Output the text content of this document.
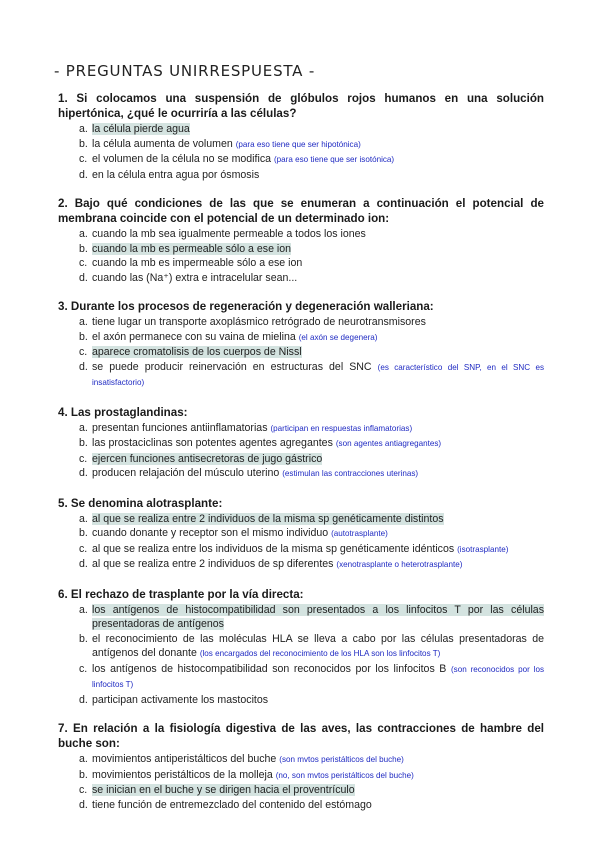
- PREGUNTAS UNIRRESPUESTA -
1. Si colocamos una suspensión de glóbulos rojos humanos en una solución hipertónica, ¿qué le ocurriría a las células?
a. la célula pierde agua
b. la célula aumenta de volumen (para eso tiene que ser hipotónica)
c. el volumen de la célula no se modifica (para eso tiene que ser isotónica)
d. en la célula entra agua por ósmosis
2. Bajo qué condiciones de las que se enumeran a continuación el potencial de membrana coincide con el potencial de un determinado ion:
a. cuando la mb sea igualmente permeable a todos los iones
b. cuando la mb es permeable sólo a ese ion
c. cuando la mb es impermeable sólo a ese ion
d. cuando las (Na⁺) extra e intracelular sean...
3. Durante los procesos de regeneración y degeneración walleriana:
a. tiene lugar un transporte axoplásmico retrógrado de neurotransmisores
b. el axón permanece con su vaina de mielina (el axón se degenera)
c. aparece cromatolisis de los cuerpos de Nissl
d. se puede producir reinervación en estructuras del SNC (es característico del SNP, en el SNC es insatisfactorio)
4. Las prostaglandinas:
a. presentan funciones antiinflamatorias (participan en respuestas inflamatorias)
b. las prostaciclinas son potentes agentes agregantes (son agentes antiagregantes)
c. ejercen funciones antisecretoras de jugo gástrico
d. producen relajación del músculo uterino (estimulan las contracciones uterinas)
5. Se denomina alotrasplante:
a. al que se realiza entre 2 individuos de la misma sp genéticamente distintos
b. cuando donante y receptor son el mismo individuo (autotrasplante)
c. al que se realiza entre los individuos de la misma sp genéticamente idénticos (isotrasplante)
d. al que se realiza entre 2 individuos de sp diferentes (xenotrasplante o heterotrasplante)
6. El rechazo de trasplante por la vía directa:
a. los antígenos de histocompatibilidad son presentados a los linfocitos T por las células presentadoras de antígenos
b. el reconocimiento de las moléculas HLA se lleva a cabo por las células presentadoras de antígenos del donante (los encargados del reconocimiento de los HLA son los linfocitos T)
c. los antígenos de histocompatibilidad son reconocidos por los linfocitos B (son reconocidos por los linfocitos T)
d. participan activamente los mastocitos
7. En relación a la fisiología digestiva de las aves, las contracciones de hambre del buche son:
a. movimientos antiperistálticos del buche (son mvtos peristálticos del buche)
b. movimientos peristálticos de la molleja (no, son mvtos peristálticos del buche)
c. se inician en el buche y se dirigen hacia el proventrículo
d. tiene función de entremezclado del contenido del estómago
